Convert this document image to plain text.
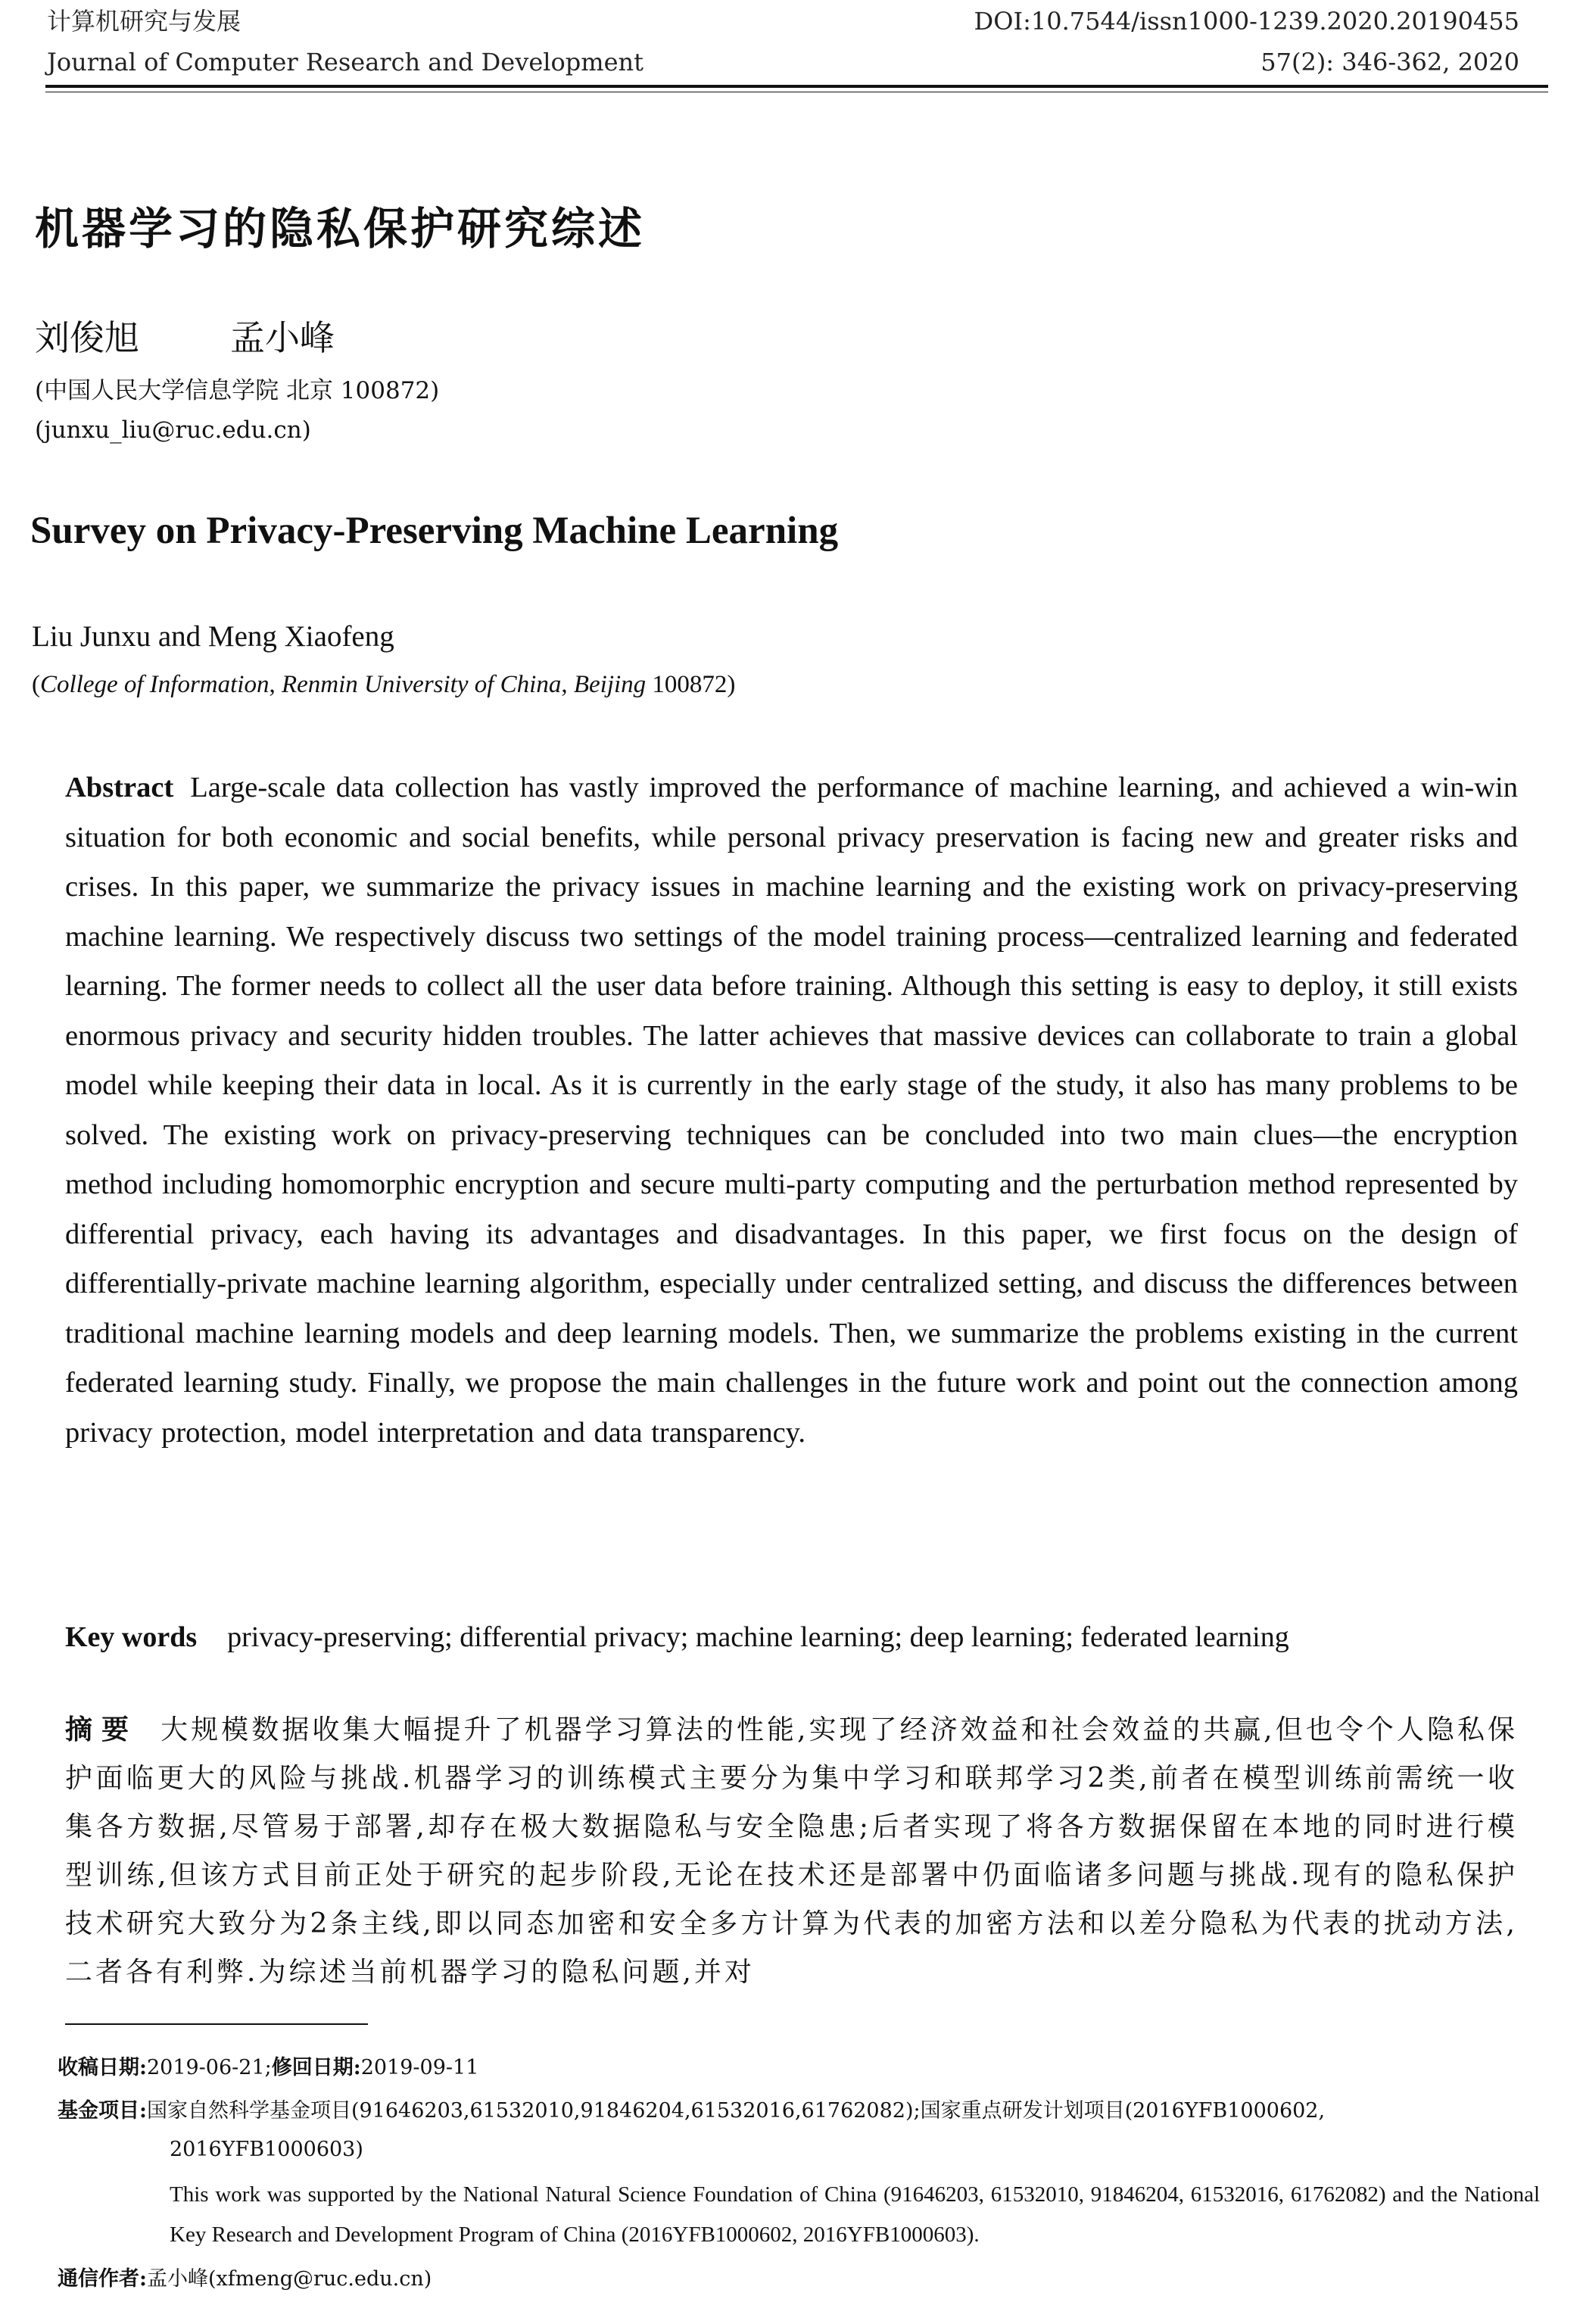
计算机研究与发展
Journal of Computer Research and Development
DOI:10.7544/issn1000-1239.2020.20190455
57(2): 346-362, 2020
机器学习的隐私保护研究综述
刘俊旭	孟小峰
(中国人民大学信息学院 北京 100872)
(junxu_liu@ruc.edu.cn)
Survey on Privacy-Preserving Machine Learning
Liu Junxu and Meng Xiaofeng
(College of Information, Renmin University of China, Beijing 100872)
Abstract Large-scale data collection has vastly improved the performance of machine learning, and achieved a win-win situation for both economic and social benefits, while personal privacy preservation is facing new and greater risks and crises. In this paper, we summarize the privacy issues in machine learning and the existing work on privacy-preserving machine learning. We respectively discuss two settings of the model training process—centralized learning and federated learning. The former needs to collect all the user data before training. Although this setting is easy to deploy, it still exists enormous privacy and security hidden troubles. The latter achieves that massive devices can collaborate to train a global model while keeping their data in local. As it is currently in the early stage of the study, it also has many problems to be solved. The existing work on privacy-preserving techniques can be concluded into two main clues—the encryption method including homomorphic encryption and secure multi-party computing and the perturbation method represented by differential privacy, each having its advantages and disadvantages. In this paper, we first focus on the design of differentially-private machine learning algorithm, especially under centralized setting, and discuss the differences between traditional machine learning models and deep learning models. Then, we summarize the problems existing in the current federated learning study. Finally, we propose the main challenges in the future work and point out the connection among privacy protection, model interpretation and data transparency.
Key words privacy-preserving; differential privacy; machine learning; deep learning; federated learning
摘要 大规模数据收集大幅提升了机器学习算法的性能,实现了经济效益和社会效益的共赢,但也令个人隐私保护面临更大的风险与挑战.机器学习的训练模式主要分为集中学习和联邦学习2类,前者在模型训练前需统一收集各方数据,尽管易于部署,却存在极大数据隐私与安全隐患;后者实现了将各方数据保留在本地的同时进行模型训练,但该方式目前正处于研究的起步阶段,无论在技术还是部署中仍面临诸多问题与挑战.现有的隐私保护技术研究大致分为2条主线,即以同态加密和安全多方计算为代表的加密方法和以差分隐私为代表的扰动方法,二者各有利弊.为综述当前机器学习的隐私问题,并对
收稿日期:2019-06-21;修回日期:2019-09-11
基金项目:国家自然科学基金项目(91646203,61532010,91846204,61532016,61762082);国家重点研发计划项目(2016YFB1000602,
2016YFB1000603)
This work was supported by the National Natural Science Foundation of China (91646203, 61532010, 91846204, 61532016, 61762082) and the National Key Research and Development Program of China (2016YFB1000602, 2016YFB1000603).
通信作者:孟小峰(xfmeng@ruc.edu.cn)
